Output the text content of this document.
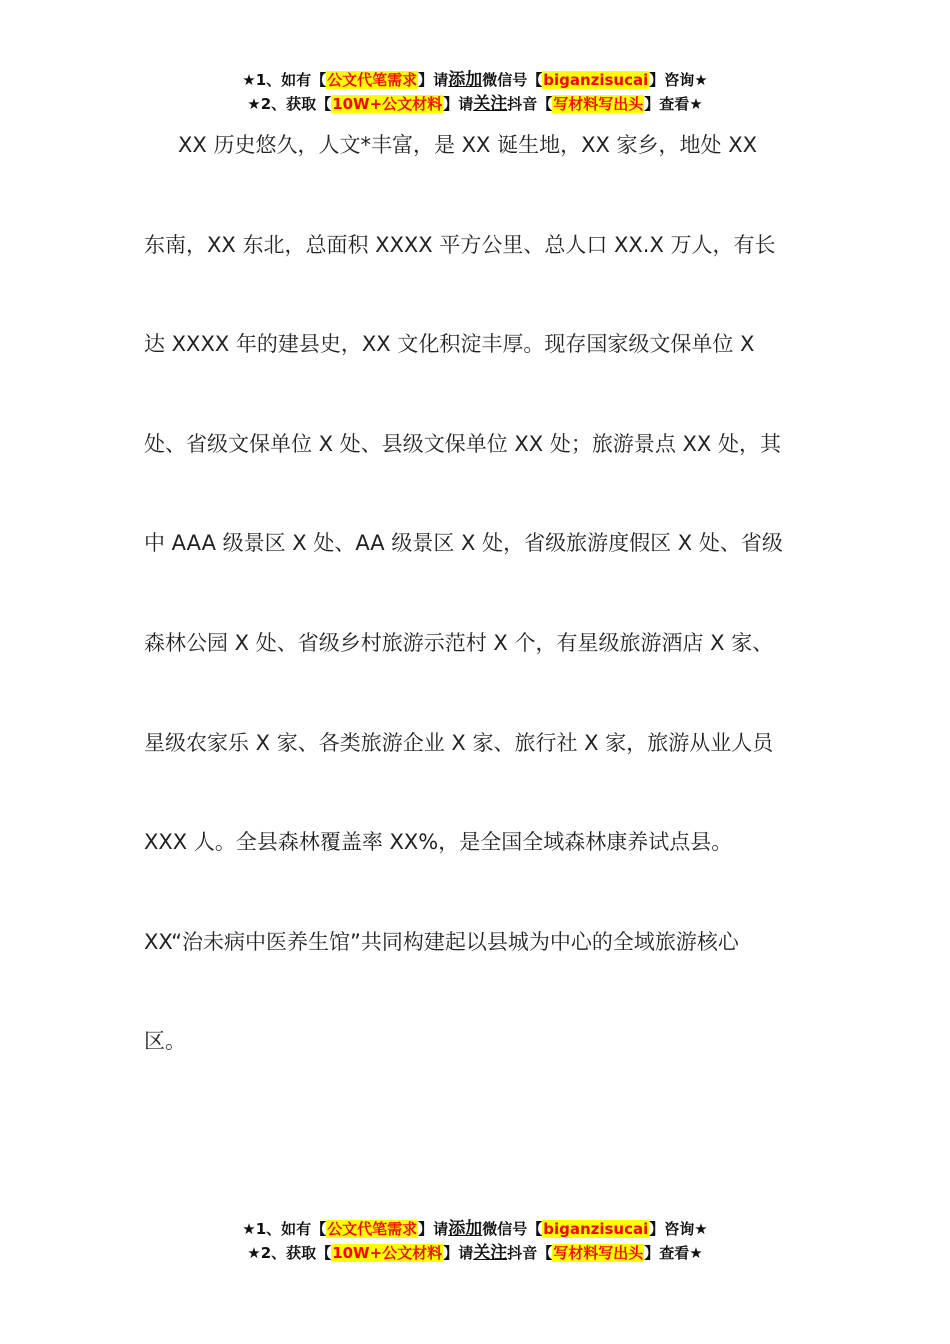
★1、如有【公文代笔需求】请添加微信号【biganzisucai】咨询★
★2、获取【10W+公文材料】请关注抖音【写材料写出头】查看★
XX 历史悠久，人文*丰富，是 XX 诞生地，XX 家乡，地处 XX
东南，XX 东北，总面积 XXXX 平方公里、总人口 XX.X 万人，有长
达 XXXX 年的建县史，XX 文化积淀丰厚。现存国家级文保单位 X
处、省级文保单位 X 处、县级文保单位 XX 处；旅游景点 XX 处，其
中 AAA 级景区 X 处、AA 级景区 X 处，省级旅游度假区 X 处、省级
森林公园 X 处、省级乡村旅游示范村 X 个，有星级旅游酒店 X 家、
星级农家乐 X 家、各类旅游企业 X 家、旅行社 X 家，旅游从业人员
XXX 人。全县森林覆盖率 XX%，是全国全域森林康养试点县。
XX“治未病中医养生馆”共同构建起以县城为中心的全域旅游核心
区。
★1、如有【公文代笔需求】请添加微信号【biganzisucai】咨询★
★2、获取【10W+公文材料】请关注抖音【写材料写出头】查看★
